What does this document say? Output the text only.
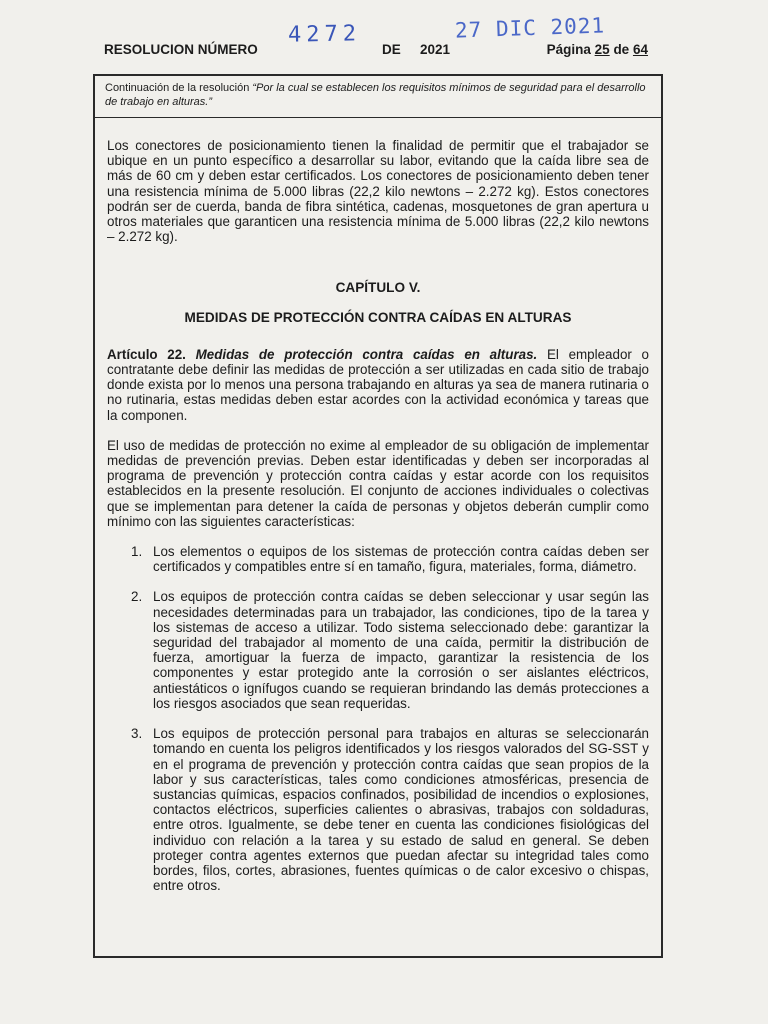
4272	27 DIC 2021
RESOLUCION NÚMERO	DE 2021	Página 25 de 64
Continuación de la resolución “Por la cual se establecen los requisitos mínimos de seguridad para el desarrollo de trabajo en alturas.”

Los conectores de posicionamiento tienen la finalidad de permitir que el trabajador se ubique en un punto específico a desarrollar su labor, evitando que la caída libre sea de más de 60 cm y deben estar certificados. Los conectores de posicionamiento deben tener una resistencia mínima de 5.000 libras (22,2 kilo newtons – 2.272 kg). Estos conectores podrán ser de cuerda, banda de fibra sintética, cadenas, mosquetones de gran apertura u otros materiales que garanticen una resistencia mínima de 5.000 libras (22,2 kilo newtons – 2.272 kg).

CAPÍTULO V.
MEDIDAS DE PROTECCIÓN CONTRA CAÍDAS EN ALTURAS

Artículo 22. Medidas de protección contra caídas en alturas. El empleador o contratante debe definir las medidas de protección a ser utilizadas en cada sitio de trabajo donde exista por lo menos una persona trabajando en alturas ya sea de manera rutinaria o no rutinaria, estas medidas deben estar acordes con la actividad económica y tareas que la componen.

El uso de medidas de protección no exime al empleador de su obligación de implementar medidas de prevención previas. Deben estar identificadas y deben ser incorporadas al programa de prevención y protección contra caídas y estar acorde con los requisitos establecidos en la presente resolución. El conjunto de acciones individuales o colectivas que se implementan para detener la caída de personas y objetos deberán cumplir como mínimo con las siguientes características:

1. Los elementos o equipos de los sistemas de protección contra caídas deben ser certificados y compatibles entre sí en tamaño, figura, materiales, forma, diámetro.
2. Los equipos de protección contra caídas se deben seleccionar y usar según las necesidades determinadas para un trabajador, las condiciones, tipo de la tarea y los sistemas de acceso a utilizar. Todo sistema seleccionado debe: garantizar la seguridad del trabajador al momento de una caída, permitir la distribución de fuerza, amortiguar la fuerza de impacto, garantizar la resistencia de los componentes y estar protegido ante la corrosión o ser aislantes eléctricos, antiestáticos o ignífugos cuando se requieran brindando las demás protecciones a los riesgos asociados que sean requeridas.
3. Los equipos de protección personal para trabajos en alturas se seleccionarán tomando en cuenta los peligros identificados y los riesgos valorados del SG-SST y en el programa de prevención y protección contra caídas que sean propios de la labor y sus características, tales como condiciones atmosféricas, presencia de sustancias químicas, espacios confinados, posibilidad de incendios o explosiones, contactos eléctricos, superficies calientes o abrasivas, trabajos con soldaduras, entre otros. Igualmente, se debe tener en cuenta las condiciones fisiológicas del individuo con relación a la tarea y su estado de salud en general. Se deben proteger contra agentes externos que puedan afectar su integridad tales como bordes, filos, cortes, abrasiones, fuentes químicas o de calor excesivo o chispas, entre otros.
